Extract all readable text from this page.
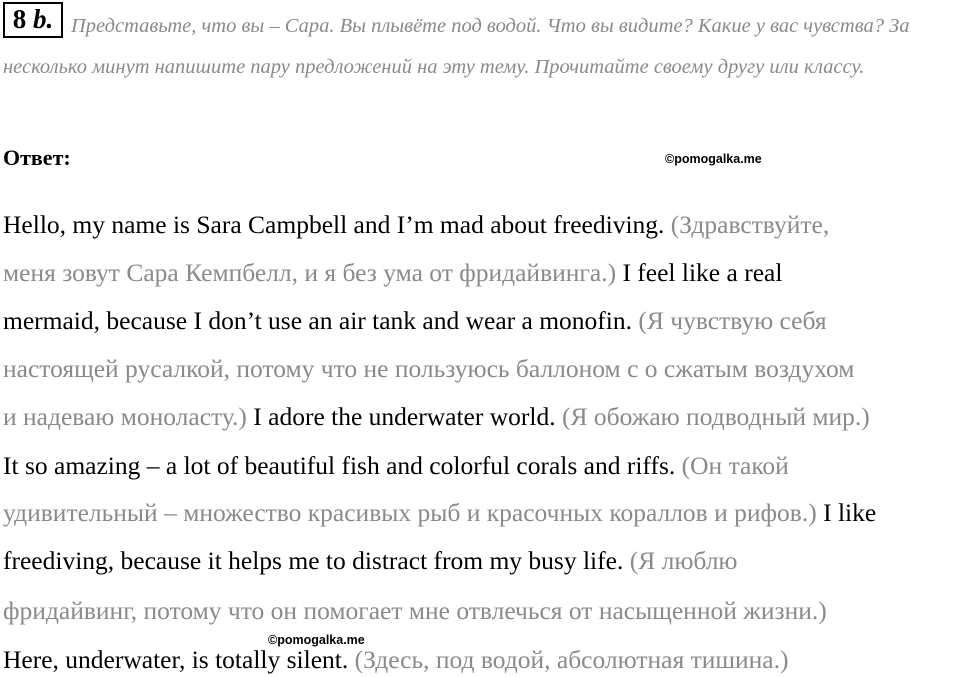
8 b. Представьте, что вы – Сара. Вы плывёте под водой. Что вы видите? Какие у вас чувства? За несколько минут напишите пару предложений на эту тему. Прочитайте своему другу или классу.
Ответ:	©pomogalka.me
Hello, my name is Sara Campbell and I’m mad about freediving. (Здравствуйте,
меня зовут Сара Кемпбелл, и я без ума от фридайвинга.) I feel like a real
mermaid, because I don’t use an air tank and wear a monofin. (Я чувствую себя
настоящей русалкой, потому что не пользуюсь баллоном с о сжатым воздухом
и надеваю моноласту.) I adore the underwater world. (Я обожаю подводный мир.)
It so amazing – a lot of beautiful fish and colorful corals and riffs. (Он такой
удивительный – множество красивых рыб и красочных кораллов и рифов.) I like
freediving, because it helps me to distract from my busy life. (Я люблю
фридайвинг, потому что он помогает мне отвлечься от насыщенной жизни.)
Here, underwater, is totally silent. (Здесь, под водой, абсолютная тишина.)
©pomogalka.me
